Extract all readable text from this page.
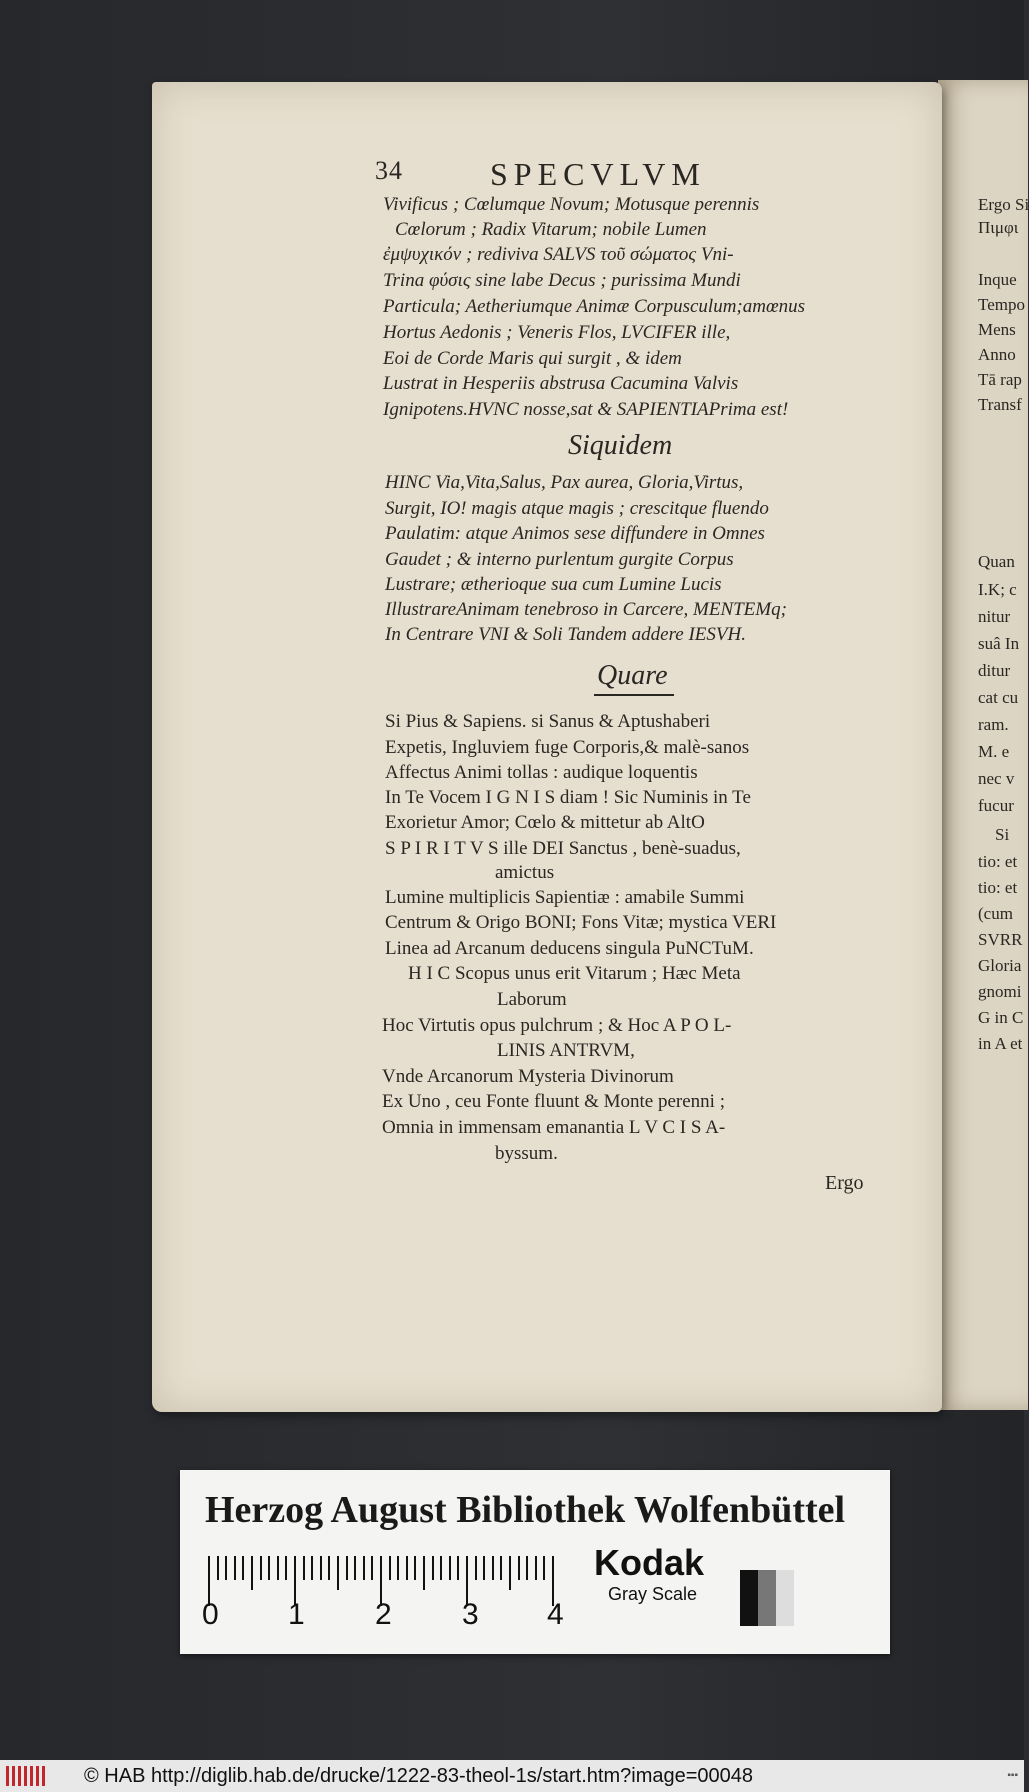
34	SPECVLVM
Vivificus ; Cœlumque Novum; Motusque perennis
Cœlorum ; Radix Vitarum; nobile Lumen
ἐμψυχικόν ; rediviva SALVS τοῦ σώματος Vni-
Trina φύσις sine labe Decus ; purissima Mundi
Particula; Aetheriumque Animæ Corpusculum;amœnus
Hortus Aedonis ; Veneris Flos, LVCIFER ille,
Eoi de Corde Maris qui surgit , & idem
Lustrat in Hesperiis abstrusa Cacumina Valvis
Ignipotens.HVNC nosse,sat & SAPIENTIAPrima est!
Siquidem
HINC Via,Vita,Salus, Pax aurea, Gloria,Virtus,
Surgit, IO! magis atque magis ; crescitque fluendo
Paulatim: atque Animos sese diffundere in Omnes
Gaudet ; & interno purlentum gurgite Corpus
Lustrare; ætherioque sua cum Lumine Lucis
IllustrareAnimam tenebroso in Carcere, MENTEMq;
In Centrare VNI & Soli Tandem addere IESVH.
Quare
Si Pius & Sapiens. si Sanus & Aptushaberi
Expetis, Ingluviem fuge Corporis,& malè-sanos
Affectus Animi tollas : audique loquentis
In Te Vocem I G N I S diam ! Sic Numinis in Te
Exorietur Amor; Cœlo & mittetur ab AltO
S P I R I T V S ille DEI Sanctus , benè-suadus,
amictus
Lumine multiplicis Sapientiæ : amabile Summi
Centrum & Origo BONI; Fons Vitæ; mystica VERI
Linea ad Arcanum deducens singula PuNCTuM.
H I C Scopus unus erit Vitarum ; Hæc Meta
Laborum
Hoc Virtutis opus pulchrum ; & Hoc A P O L-
LINIS ANTRVM,
Vnde Arcanorum Mysteria Divinorum
Ex Uno , ceu Fonte fluunt & Monte perenni ;
Omnia in immensam emanantia L V C I S A-
byssum.
Ergo
Ergo Si
Πιμφι
Inque
Tempo
Mens
Anno
Tā rap
Transf
Quan
I.K; c
nitur
suâ In
ditur
cat cu
ram.
M. e
nec v
fucur
Si
tio: et
tio: et
(cum
SVRR
Gloria
gnomi
G in C
in A et
Herzog August Bibliothek Wolfenbüttel
0 1 2 3 4
Kodak
Gray Scale
© HAB http://diglib.hab.de/drucke/1222-83-theol-1s/start.htm?image=00048	▪▪▪
